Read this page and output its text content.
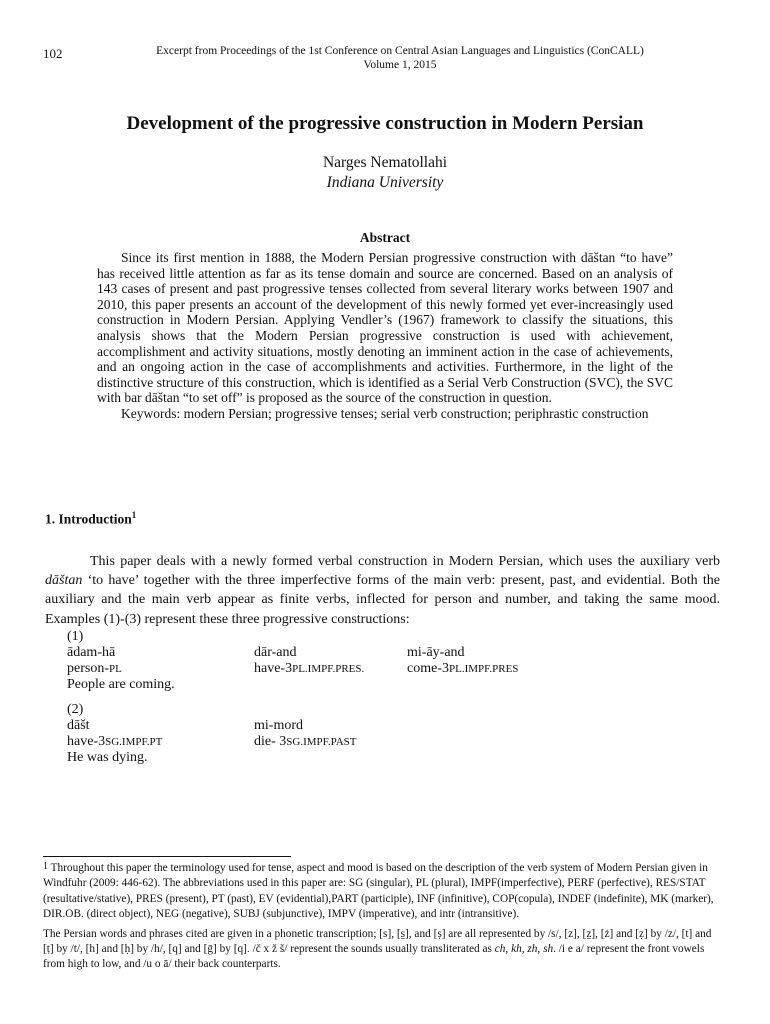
102	Excerpt from Proceedings of the 1st Conference on Central Asian Languages and Linguistics (ConCALL)
Volume 1, 2015
Development of the progressive construction in Modern Persian
Narges Nematollahi
Indiana University
Abstract

Since its first mention in 1888, the Modern Persian progressive construction with dāštan “to have” has received little attention as far as its tense domain and source are concerned. Based on an analysis of 143 cases of present and past progressive tenses collected from several literary works between 1907 and 2010, this paper presents an account of the development of this newly formed yet ever-increasingly used construction in Modern Persian. Applying Vendler’s (1967) framework to classify the situations, this analysis shows that the Modern Persian progressive construction is used with achievement, accomplishment and activity situations, mostly denoting an imminent action in the case of achievements, and an ongoing action in the case of accomplishments and activities. Furthermore, in the light of the distinctive structure of this construction, which is identified as a Serial Verb Construction (SVC), the SVC with bar dāštan “to set off” is proposed as the source of the construction in question.

Keywords: modern Persian; progressive tenses; serial verb construction; periphrastic construction

1. Introduction$^1$

This paper deals with a newly formed verbal construction in Modern Persian, which uses the auxiliary verb dāštan ‘to have’ together with the three imperfective forms of the main verb: present, past, and evidential. Both the auxiliary and the main verb appear as finite verbs, inflected for person and number, and taking the same mood. Examples (1)-(3) represent these three progressive constructions:

(1)
ādam-hā	dār-and	mi-āy-and
person-PL	have-3PL.IMPF.PRES.	come-3PL.IMPF.PRES
People are coming.
(2)
dāšt	mi-mord
have-3SG.IMPF.PT	die- 3SG.IMPF.PAST
He was dying.

$^1$ Throughout this paper the terminology used for tense, aspect and mood is based on the description of the verb system of Modern Persian given in Windfuhr (2009: 446-62). The abbreviations used in this paper are: SG (singular), PL (plural), IMPF(imperfective), PERF (perfective), RES/STAT (resultative/stative), PRES (present), PT (past), EV (evidential),PART (participle), INF (infinitive), COP(copula), INDEF (indefinite), MK (marker), DIR.OB. (direct object), NEG (negative), SUBJ (subjunctive), IMPV (imperative), and intr (intransitive).

The Persian words and phrases cited are given in a phonetic transcription; [s], [s̱], and [ṣ] are all represented by /s/, [z], [ẕ], [ż] and [ẓ] by /z/, [t] and [ṭ] by /t/, [h] and [ḥ] by /h/, [q] and [ḡ] by [q]. /č x ž š/ represent the sounds usually transliterated as ch, kh, zh, sh. /i e a/ represent the front vowels from high to low, and /u o ā/ their back counterparts.
